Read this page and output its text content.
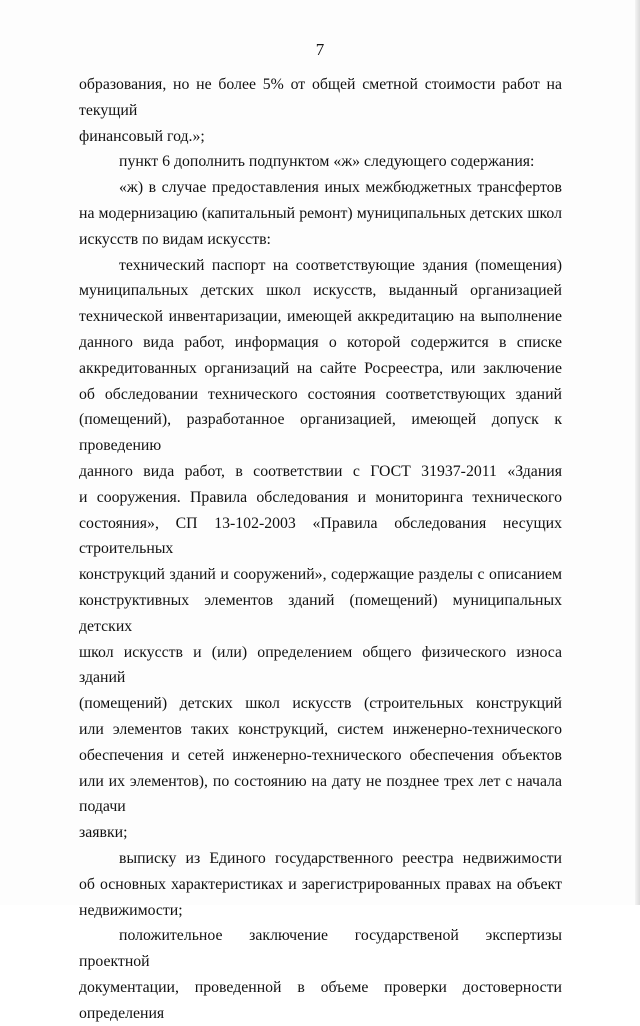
7

образования, но не более 5% от общей сметной стоимости работ на текущий

финансовый год.»;

пункт 6 дополнить подпунктом «ж» следующего содержания:

«ж) в случае предоставления иных межбюджетных трансфертов

на модернизацию (капитальный ремонт) муниципальных детских школ

искусств по видам искусств:

технический паспорт на соответствующие здания (помещения)

муниципальных детских школ искусств, выданный организацией

технической инвентаризации, имеющей аккредитацию на выполнение

данного вида работ, информация о которой содержится в списке

аккредитованных организаций на сайте Росреестра, или заключение

об обследовании технического состояния соответствующих зданий

(помещений), разработанное организацией, имеющей допуск к проведению

данного вида работ, в соответствии с ГОСТ 31937-2011 «Здания

и сооружения. Правила обследования и мониторинга технического

состояния», СП 13-102-2003 «Правила обследования несущих строительных

конструкций зданий и сооружений», содержащие разделы с описанием

конструктивных элементов зданий (помещений) муниципальных детских

школ искусств и (или) определением общего физического износа зданий

(помещений) детских школ искусств (строительных конструкций

или элементов таких конструкций, систем инженерно-технического

обеспечения и сетей инженерно-технического обеспечения объектов

или их элементов), по состоянию на дату не позднее трех лет с начала подачи

заявки;

выписку из Единого государственного реестра недвижимости

об основных характеристиках и зарегистрированных правах на объект

недвижимости;

положительное заключение государственой экспертизы проектной

документации, проведенной в объеме проверки достоверности определения
